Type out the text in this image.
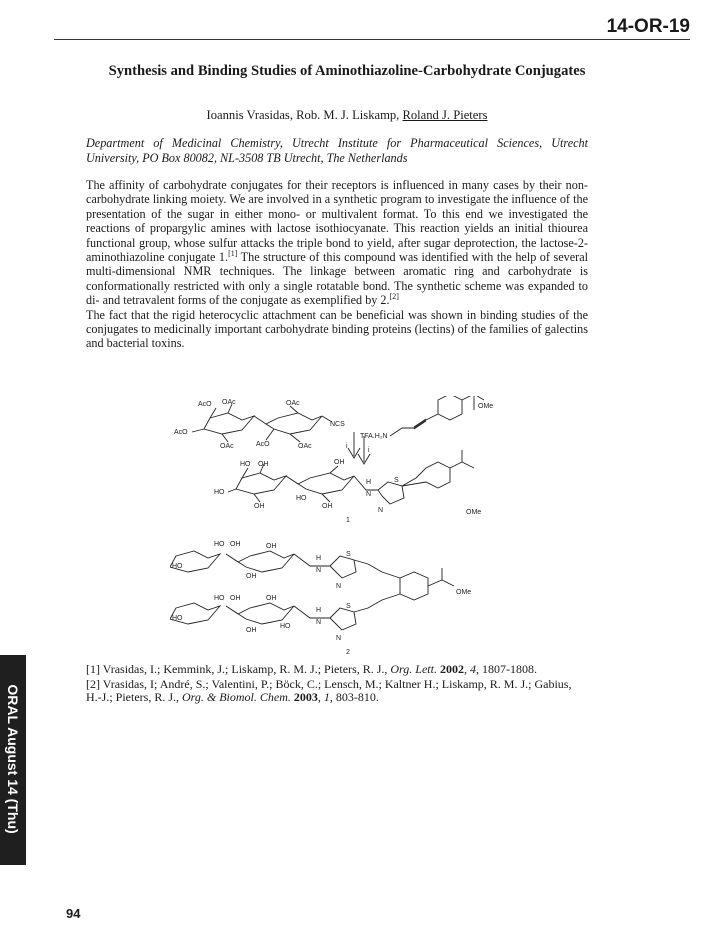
14-OR-19
Synthesis and Binding Studies of Aminothiazoline-Carbohydrate Conjugates
Ioannis Vrasidas, Rob. M. J. Liskamp, Roland J. Pieters
Department of Medicinal Chemistry, Utrecht Institute for Pharmaceutical Sciences, Utrecht University, PO Box 80082, NL-3508 TB Utrecht, The Netherlands

The affinity of carbohydrate conjugates for their receptors is influenced in many cases by their non-carbohydrate linking moiety. We are involved in a synthetic program to investigate the influence of the presentation of the sugar in either mono- or multivalent format. To this end we investigated the reactions of propargylic amines with lactose isothiocyanate. This reaction yields an initial thiourea functional group, whose sulfur attacks the triple bond to yield, after sugar deprotection, the lactose-2-aminothiazoline conjugate 1.[1] The structure of this compound was identified with the help of several multi-dimensional NMR techniques. The linkage between aromatic ring and carbohydrate is conformationally restricted with only a single rotatable bond. The synthetic scheme was expanded to di- and tetravalent forms of the conjugate as exemplified by 2.[2]

The fact that the rigid heterocyclic attachment can be beneficial was shown in binding studies of the conjugates to medicinally important carbohydrate binding proteins (lectins) of the families of galectins and bacterial toxins.

AcO OAc	OAc
AcO
OAc	AcO	OAc
NCS
TFA.H₂N
OMe
i
i
HO OH
HO
OH
OH
HO
OH
H
N
S
N	OMe
1
HO OH
HO
OH
OH
H
N
S
N
HO OH
HO
OH
OH
HO
H
N
S
N
OMe
2

[1] Vrasidas, I.; Kemmink, J.; Liskamp, R. M. J.; Pieters, R. J., Org. Lett. 2002, 4, 1807-1808.

[2] Vrasidas, I; André, S.; Valentini, P.; Böck, C.; Lensch, M.; Kaltner H.; Liskamp, R. M. J.; Gabius, H.-J.; Pieters, R. J., Org. & Biomol. Chem. 2003, 1, 803-810.

ORAL August 14 (Thu)
94
